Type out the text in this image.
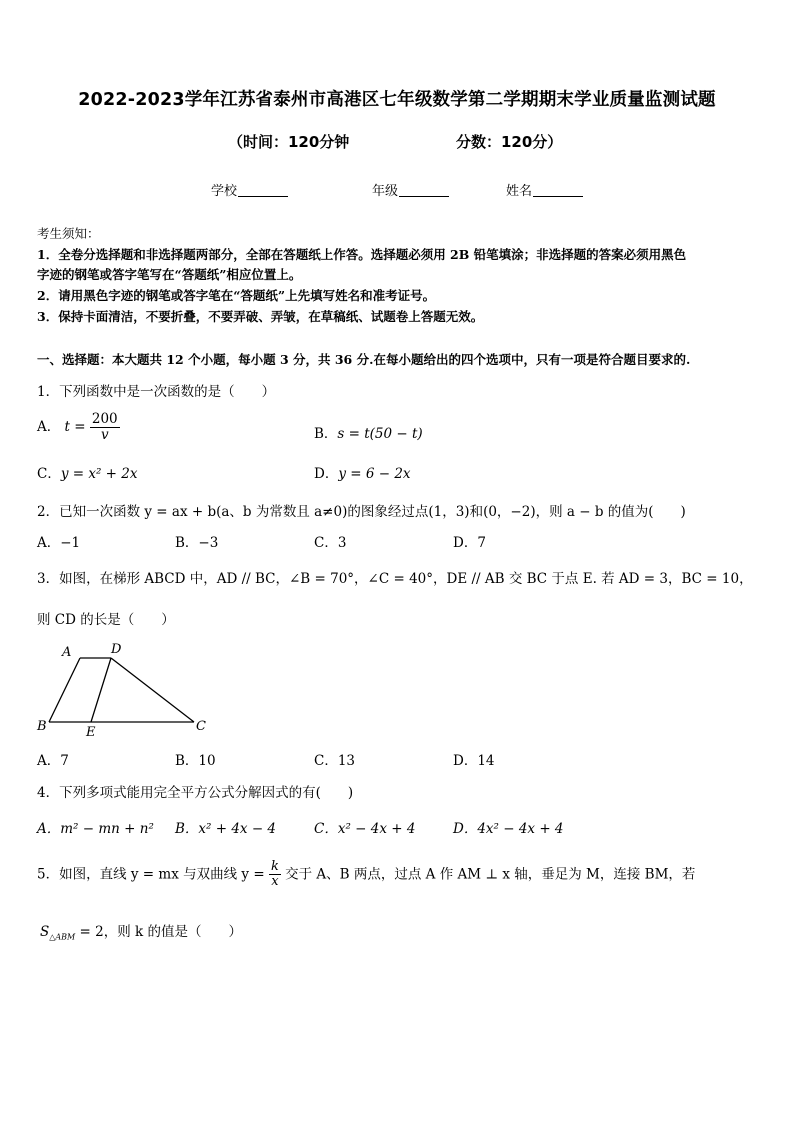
2022-2023学年江苏省泰州市高港区七年级数学第二学期期末学业质量监测试题
（时间：120分钟	分数：120分）
学校	年级	姓名
考生须知：
1．全卷分选择题和非选择题两部分，全部在答题纸上作答。选择题必须用 2B 铅笔填涂；非选择题的答案必须用黑色
字迹的钢笔或答字笔写在“答题纸”相应位置上。
2．请用黑色字迹的钢笔或答字笔在“答题纸”上先填写姓名和准考证号。
3．保持卡面清洁，不要折叠，不要弄破、弄皱，在草稿纸、试题卷上答题无效。
一、选择题：本大题共 12 个小题，每小题 3 分，共 36 分.在每小题给出的四个选项中，只有一项是符合题目要求的.
1．下列函数中是一次函数的是（　　）
A． $t = \frac{200}{v}$	B．s = t(50 − t)
C．y = x² + 2x	D．y = 6 − 2x
2．已知一次函数 y = ax + b(a、b 为常数且 a≠0)的图象经过点(1，3)和(0，−2)，则 a − b 的值为(　　)
A．−1	B．−3	C．3	D．7
3．如图，在梯形 ABCD 中，AD // BC，∠B = 70°，∠C = 40°，DE // AB 交 BC 于点 E. 若 AD = 3，BC = 10，
则 CD 的长是（　　）
A	D
B	E	C
A．7	B．10	C．13	D．14
4．下列多项式能用完全平方公式分解因式的有(　　)
A．m² − mn + n² B．x² + 4x − 4	C．x² − 4x + 4	D．4x² − 4x + 4
5．如图，直线 y = mx 与双曲线 $y = \frac{k}{x}$ 交于 A、B 两点，过点 A 作 AM ⊥ x 轴，垂足为 M，连接 BM，若
$S_{\triangle ABM} = 2$，则 k 的值是（　　）
